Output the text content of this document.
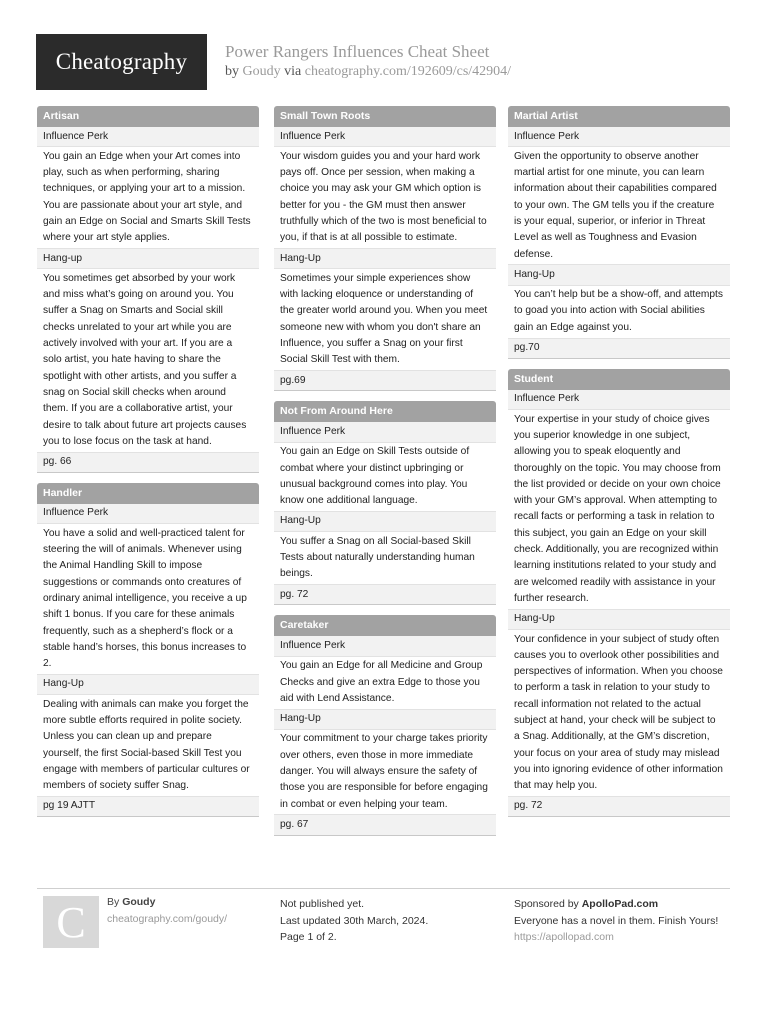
Cheatography	Power Rangers Influences Cheat Sheet
by Goudy via cheatography.com/192609/cs/42904/
Artisan
Influence Perk
You gain an Edge when your Art comes into play, such as when performing, sharing techniques, or applying your art to a mission. You are passionate about your art style, and gain an Edge on Social and Smarts Skill Tests where your art style applies.
Hang-up
You sometimes get absorbed by your work and miss what’s going on around you. You suffer a Snag on Smarts and Social skill checks unrelated to your art while you are actively involved with your art. If you are a solo artist, you hate having to share the spotlight with other artists, and you suffer a snag on Social skill checks when around them. If you are a collaborative artist, your desire to talk about future art projects causes you to lose focus on the task at hand.
pg. 66
Handler
Influence Perk
You have a solid and well-practiced talent for steering the will of animals. Whenever using the Animal Handling Skill to impose suggestions or commands onto creatures of ordinary animal intelligence, you receive a up shift 1 bonus. If you care for these animals frequently, such as a shepherd’s flock or a stable hand’s horses, this bonus increases to 2.
Hang-Up
Dealing with animals can make you forget the more subtle efforts required in polite society. Unless you can clean up and prepare yourself, the first Social-based Skill Test you engage with members of particular cultures or members of society suffer Snag.
pg 19 AJTT
Small Town Roots
Influence Perk
Your wisdom guides you and your hard work pays off. Once per session, when making a choice you may ask your GM which option is better for you - the GM must then answer truthfully which of the two is most beneficial to you, if that is at all possible to estimate.
Hang-Up
Sometimes your simple experiences show with lacking eloquence or understanding of the greater world around you. When you meet someone new with whom you don't share an Influence, you suffer a Snag on your first Social Skill Test with them.
pg.69
Not From Around Here
Influence Perk
You gain an Edge on Skill Tests outside of combat where your distinct upbringing or unusual background comes into play. You know one additional language.
Hang-Up
You suffer a Snag on all Social-based Skill Tests about naturally understanding human beings.
pg. 72
Caretaker
Influence Perk
You gain an Edge for all Medicine and Group Checks and give an extra Edge to those you aid with Lend Assistance.
Hang-Up
Your commitment to your charge takes priority over others, even those in more immediate danger. You will always ensure the safety of those you are responsible for before engaging in combat or even helping your team.
pg. 67
Martial Artist
Influence Perk
Given the opportunity to observe another martial artist for one minute, you can learn information about their capabilities compared to your own. The GM tells you if the creature is your equal, superior, or inferior in Threat Level as well as Toughness and Evasion defense.
Hang-Up
You can’t help but be a show-off, and attempts to goad you into action with Social abilities gain an Edge against you.
pg.70
Student
Influence Perk
Your expertise in your study of choice gives you superior knowledge in one subject, allowing you to speak eloquently and thoroughly on the topic. You may choose from the list provided or decide on your own choice with your GM’s approval. When attempting to recall facts or performing a task in relation to this subject, you gain an Edge on your skill check. Additionally, you are recognized within learning institutions related to your study and are welcomed readily with assistance in your further research.
Hang-Up
Your confidence in your subject of study often causes you to overlook other possibilities and perspectives of information. When you choose to perform a task in relation to your study to recall information not related to the actual subject at hand, your check will be subject to a Snag. Additionally, at the GM’s discretion, your focus on your area of study may mislead you into ignoring evidence of other information that may help you.
pg. 72
C	By Goudy
cheatography.com/goudy/
Not published yet.
Last updated 30th March, 2024.
Page 1 of 2.
Sponsored by ApolloPad.com
Everyone has a novel in them. Finish Yours!
https://apollopad.com
